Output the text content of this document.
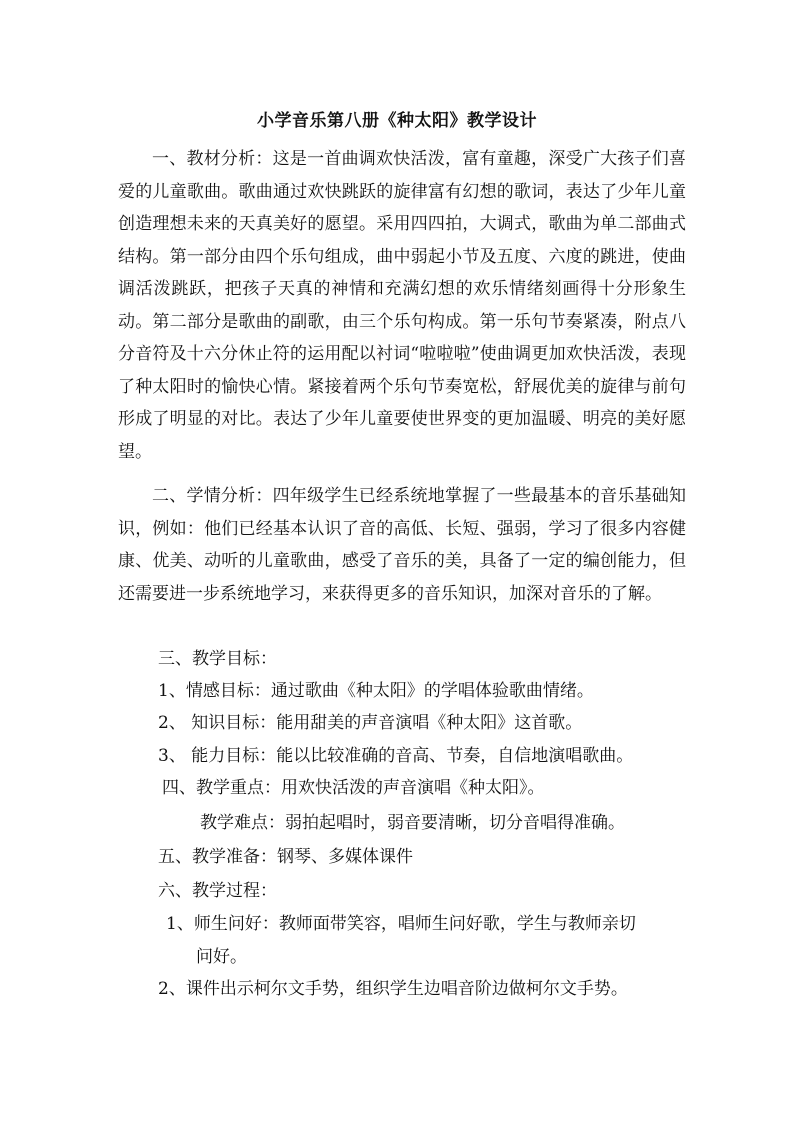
小学音乐第八册《种太阳》教学设计

一、教材分析：这是一首曲调欢快活泼，富有童趣，深受广大孩子们喜爱的儿童歌曲。歌曲通过欢快跳跃的旋律富有幻想的歌词，表达了少年儿童创造理想未来的天真美好的愿望。采用四四拍，大调式，歌曲为单二部曲式结构。第一部分由四个乐句组成，曲中弱起小节及五度、六度的跳进，使曲调活泼跳跃，把孩子天真的神情和充满幻想的欢乐情绪刻画得十分形象生动。第二部分是歌曲的副歌，由三个乐句构成。第一乐句节奏紧凑，附点八分音符及十六分休止符的运用配以衬词“啦啦啦”使曲调更加欢快活泼，表现了种太阳时的愉快心情。紧接着两个乐句节奏宽松，舒展优美的旋律与前句形成了明显的对比。表达了少年儿童要使世界变的更加温暖、明亮的美好愿望。

二、学情分析：四年级学生已经系统地掌握了一些最基本的音乐基础知识，例如：他们已经基本认识了音的高低、长短、强弱，学习了很多内容健康、优美、动听的儿童歌曲，感受了音乐的美，具备了一定的编创能力，但还需要进一步系统地学习，来获得更多的音乐知识，加深对音乐的了解。

三、教学目标：
1、情感目标：通过歌曲《种太阳》的学唱体验歌曲情绪。
2、 知识目标：能用甜美的声音演唱《种太阳》这首歌。
3、 能力目标：能以比较准确的音高、节奏，自信地演唱歌曲。
四、教学重点：用欢快活泼的声音演唱《种太阳》。
教学难点：弱拍起唱时，弱音要清晰，切分音唱得准确。
五、教学准备：钢琴、多媒体课件
六、教学过程：
1、师生问好：教师面带笑容，唱师生问好歌，学生与教师亲切
问好。
2、课件出示柯尔文手势，组织学生边唱音阶边做柯尔文手势。
